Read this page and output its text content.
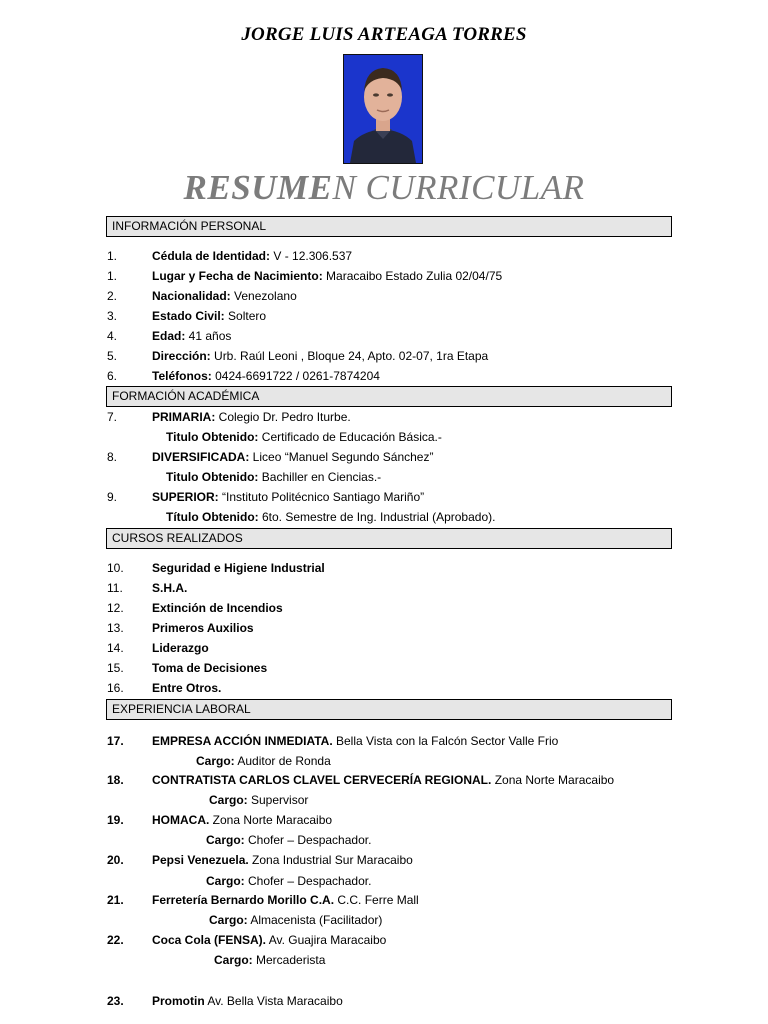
JORGE LUIS ARTEAGA TORRES
RESUMEN CURRICULAR
INFORMACIÓN PERSONAL
1.	Cédula de Identidad: V - 12.306.537
1.	Lugar y Fecha de Nacimiento: Maracaibo Estado Zulia 02/04/75
2.	Nacionalidad: Venezolano
3.	Estado Civil: Soltero
4.	Edad: 41 años
5.	Dirección: Urb. Raúl Leoni , Bloque 24, Apto. 02-07, 1ra Etapa
6.	Teléfonos: 0424-6691722 / 0261-7874204
FORMACIÓN ACADÉMICA
7.	PRIMARIA: Colegio Dr. Pedro Iturbe.
Titulo Obtenido: Certificado de Educación Básica.-
8.	DIVERSIFICADA: Liceo “Manuel Segundo Sánchez”
Titulo Obtenido: Bachiller en Ciencias.-
9.	SUPERIOR: “Instituto Politécnico Santiago Mariño”
Título Obtenido: 6to. Semestre de Ing. Industrial (Aprobado).
CURSOS REALIZADOS
10.	Seguridad e Higiene Industrial
11.	S.H.A.
12.	Extinción de Incendios
13.	Primeros Auxilios
14.	Liderazgo
15.	Toma de Decisiones
16.	Entre Otros.
EXPERIENCIA LABORAL
17.	EMPRESA ACCIÓN INMEDIATA. Bella Vista con la Falcón Sector Valle Frio
Cargo: Auditor de Ronda
18.	CONTRATISTA CARLOS CLAVEL CERVECERÍA REGIONAL. Zona Norte Maracaibo
Cargo: Supervisor
19.	HOMACA. Zona Norte Maracaibo
Cargo: Chofer – Despachador.
20.	Pepsi Venezuela. Zona Industrial Sur Maracaibo
Cargo: Chofer – Despachador.
21.	Ferretería Bernardo Morillo C.A. C.C. Ferre Mall
Cargo: Almacenista (Facilitador)
22.	Coca Cola (FENSA). Av. Guajira Maracaibo
Cargo: Mercaderista
23.	Promotin Av. Bella Vista Maracaibo
